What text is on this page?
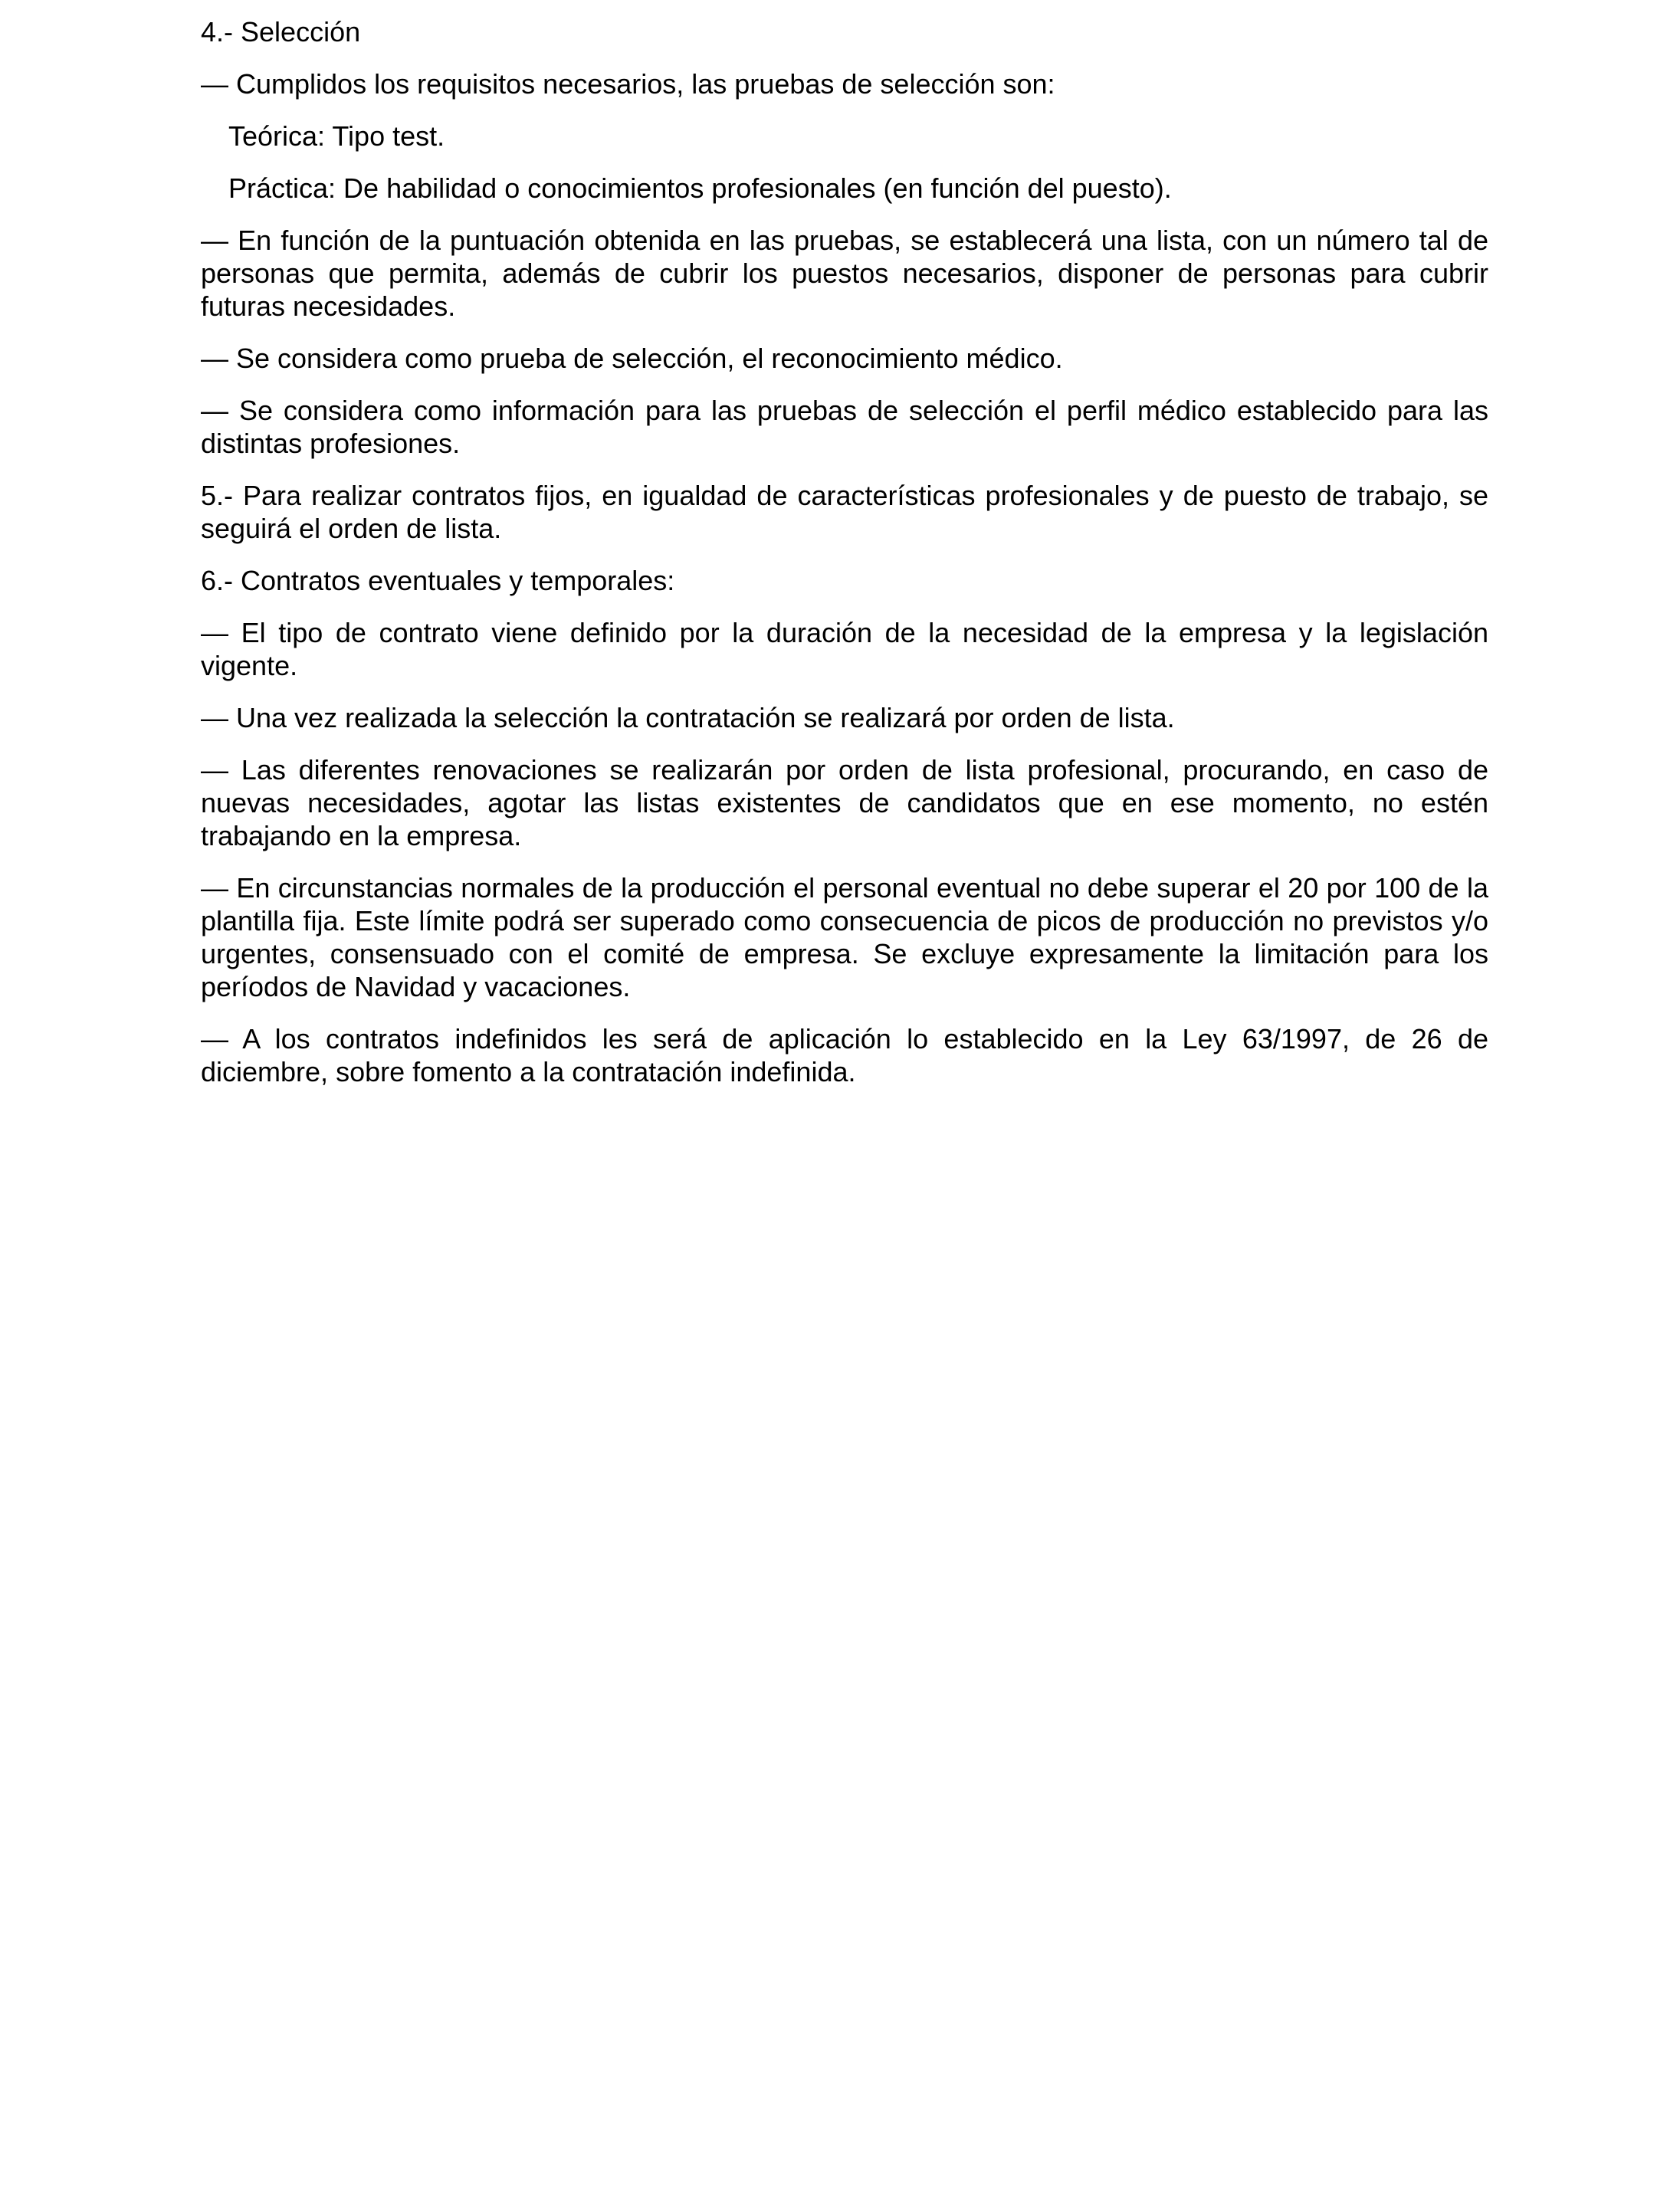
4.- Selección

— Cumplidos los requisitos necesarios, las pruebas de selección son:

Teórica: Tipo test.

Práctica: De habilidad o conocimientos profesionales (en función del puesto).

— En función de la puntuación obtenida en las pruebas, se establecerá una lista, con un número tal de personas que permita, además de cubrir los puestos necesarios, disponer de personas para cubrir futuras necesidades.

— Se considera como prueba de selección, el reconocimiento médico.

— Se considera como información para las pruebas de selección el perfil médico establecido para las distintas profesiones.

5.- Para realizar contratos fijos, en igualdad de características profesionales y de puesto de trabajo, se seguirá el orden de lista.

6.- Contratos eventuales y temporales:

— El tipo de contrato viene definido por la duración de la necesidad de la empresa y la legislación vigente.

— Una vez realizada la selección la contratación se realizará por orden de lista.

— Las diferentes renovaciones se realizarán por orden de lista profesional, procurando, en caso de nuevas necesidades, agotar las listas existentes de candidatos que en ese momento, no estén trabajando en la empresa.

— En circunstancias normales de la producción el personal eventual no debe superar el 20 por 100 de la plantilla fija. Este límite podrá ser superado como consecuencia de picos de producción no previstos y/o urgentes, consensuado con el comité de empresa. Se excluye expresamente la limitación para los períodos de Navidad y vacaciones.

— A los contratos indefinidos les será de aplicación lo establecido en la Ley 63/1997, de 26 de diciembre, sobre fomento a la contratación indefinida.
